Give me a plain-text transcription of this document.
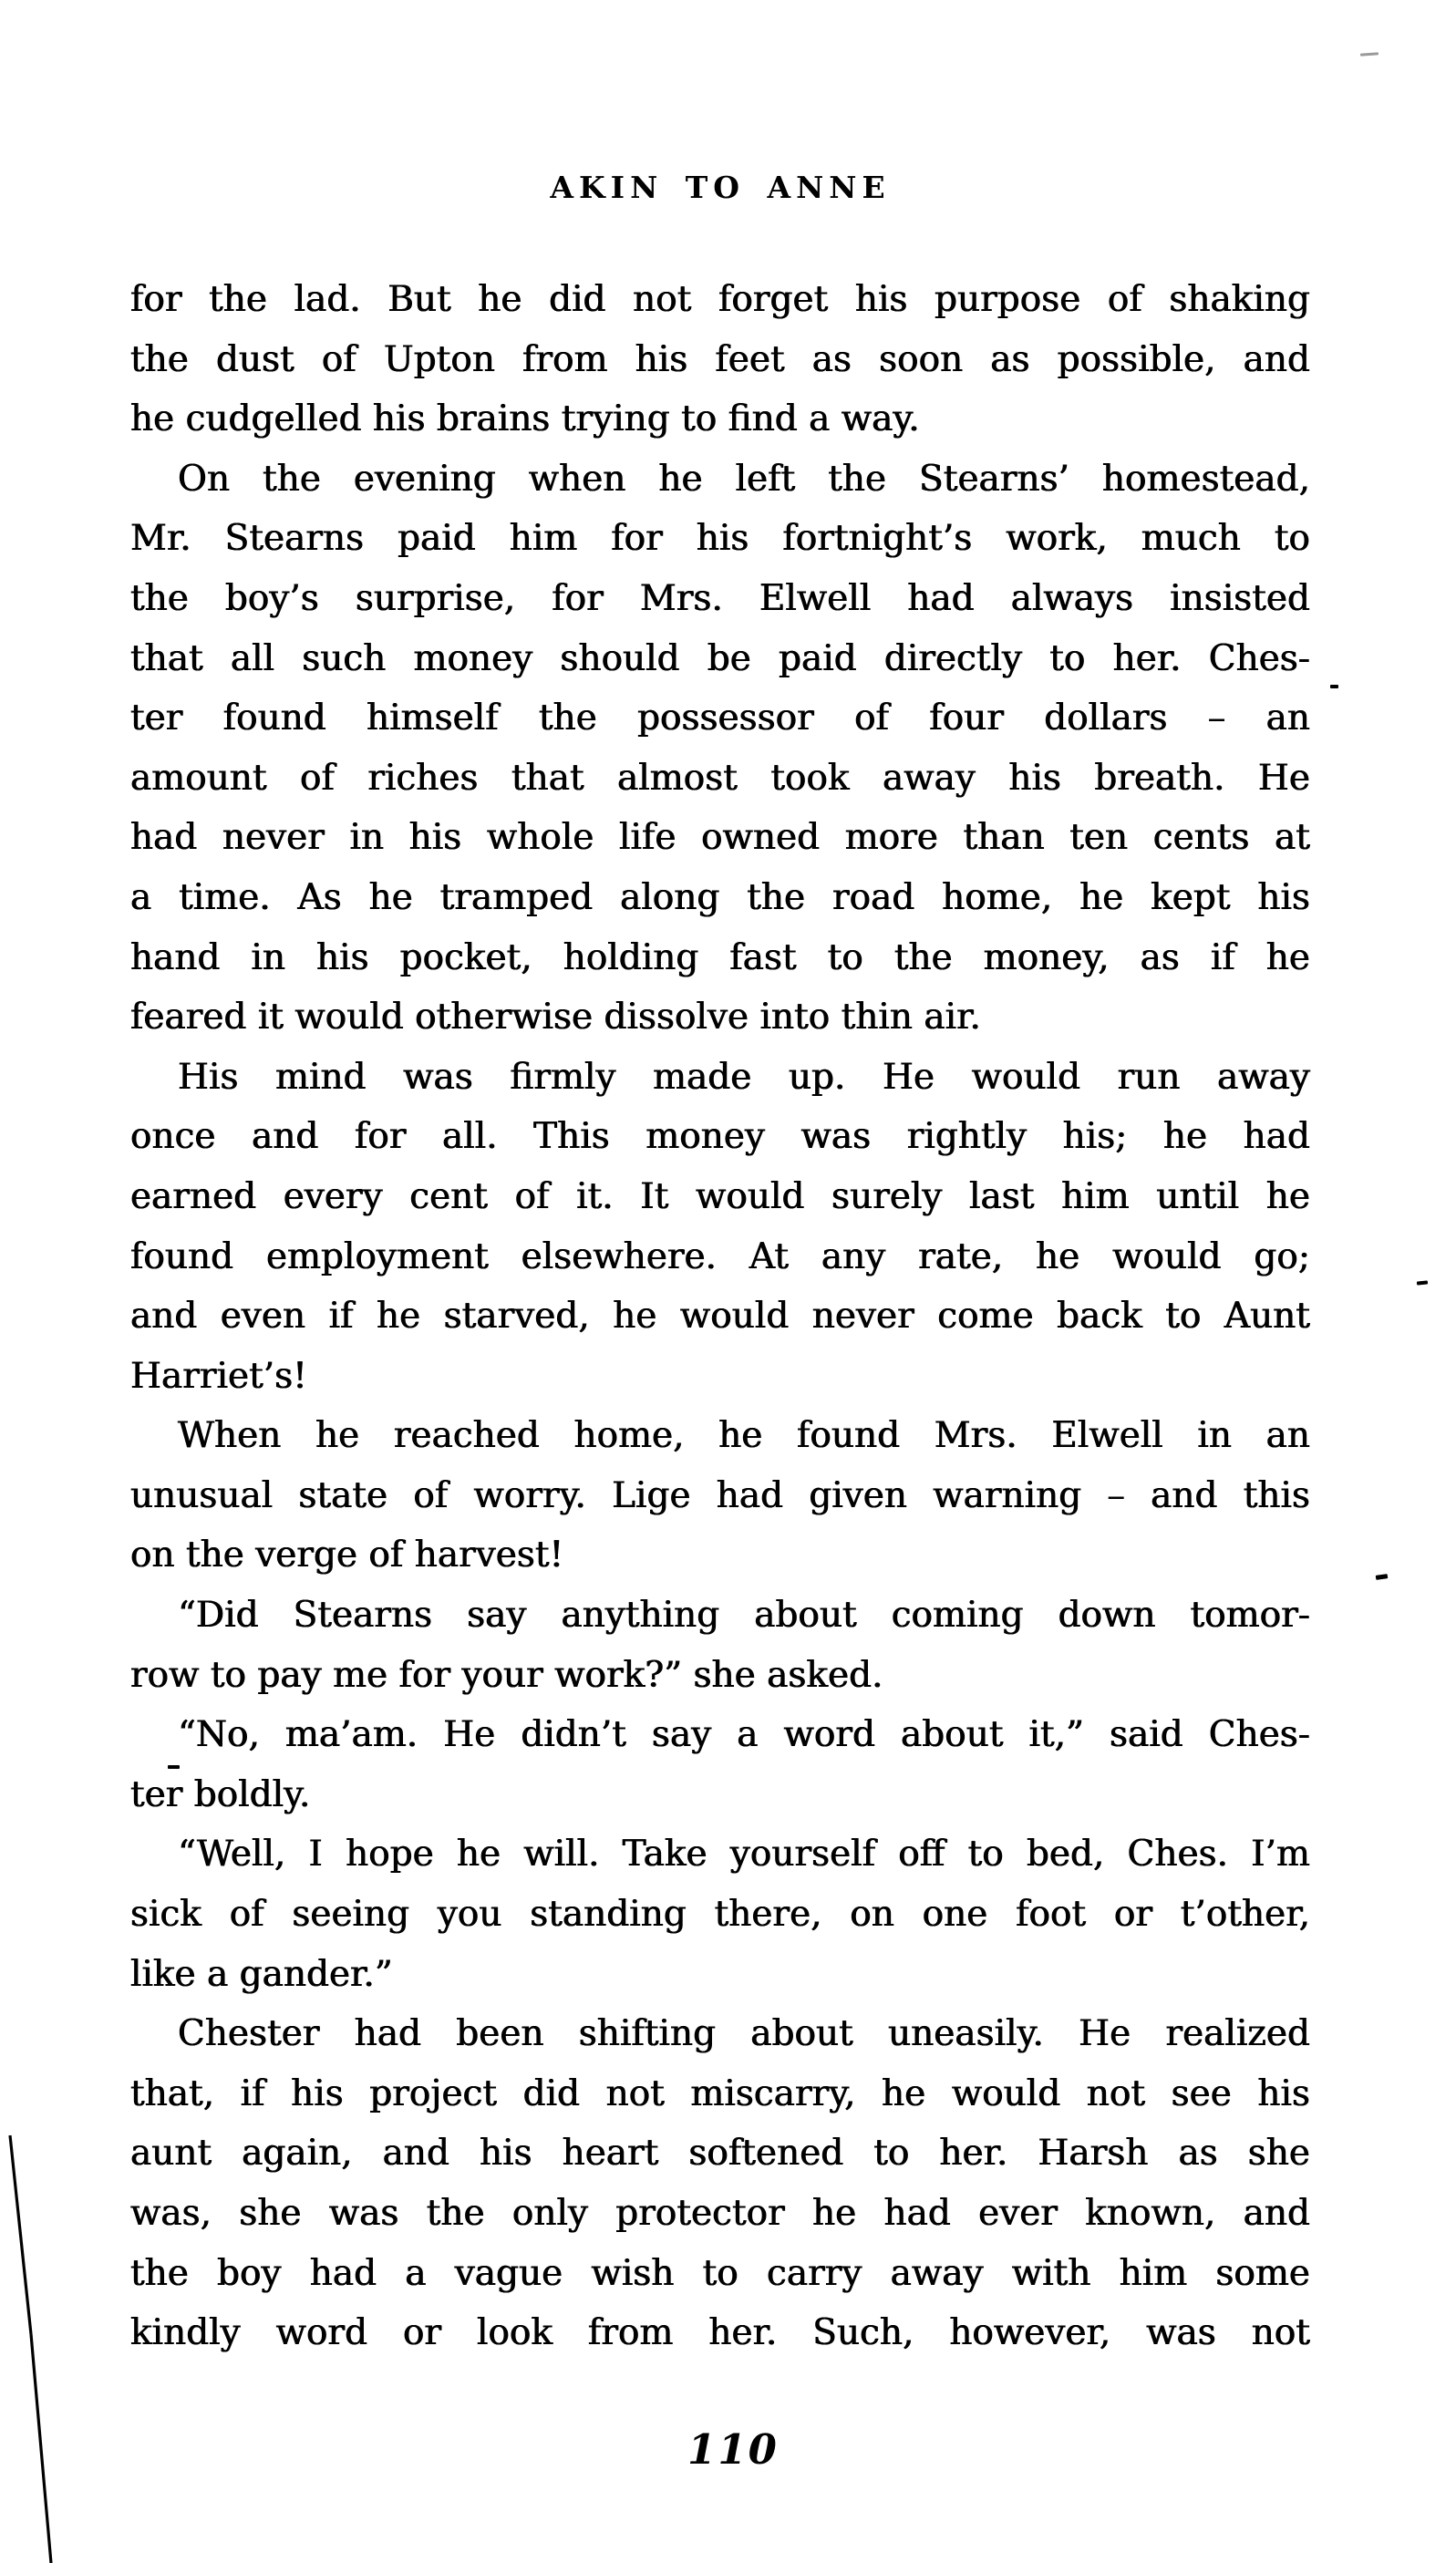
AKIN TO ANNE
for the lad. But he did not forget his purpose of shaking
the dust of Upton from his feet as soon as possible, and
he cudgelled his brains trying to find a way.
On the evening when he left the Stearns’ homestead,
Mr. Stearns paid him for his fortnight’s work, much to
the boy’s surprise, for Mrs. Elwell had always insisted
that all such money should be paid directly to her. Ches-
ter found himself the possessor of four dollars – an
amount of riches that almost took away his breath. He
had never in his whole life owned more than ten cents at
a time. As he tramped along the road home, he kept his
hand in his pocket, holding fast to the money, as if he
feared it would otherwise dissolve into thin air.
His mind was firmly made up. He would run away
once and for all. This money was rightly his; he had
earned every cent of it. It would surely last him until he
found employment elsewhere. At any rate, he would go;
and even if he starved, he would never come back to Aunt
Harriet’s!
When he reached home, he found Mrs. Elwell in an
unusual state of worry. Lige had given warning – and this
on the verge of harvest!
“Did Stearns say anything about coming down tomor-
row to pay me for your work?” she asked.
“No, ma’am. He didn’t say a word about it,” said Ches-
ter boldly.
“Well, I hope he will. Take yourself off to bed, Ches. I’m
sick of seeing you standing there, on one foot or t’other,
like a gander.”
Chester had been shifting about uneasily. He realized
that, if his project did not miscarry, he would not see his
aunt again, and his heart softened to her. Harsh as she
was, she was the only protector he had ever known, and
the boy had a vague wish to carry away with him some
kindly word or look from her. Such, however, was not
110
